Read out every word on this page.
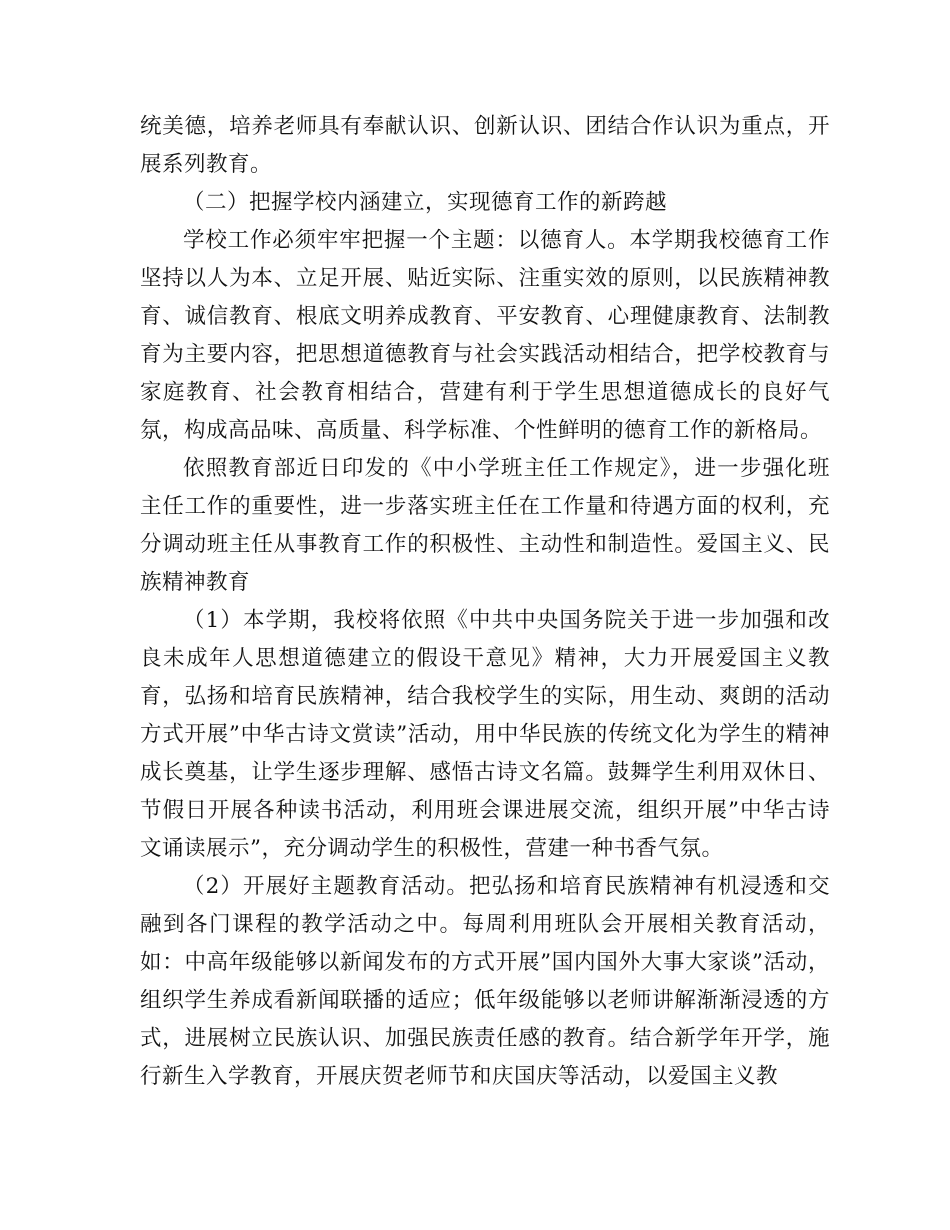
统美德，培养老师具有奉献认识、创新认识、团结合作认识为重点，开展系列教育。

（二）把握学校内涵建立，实现德育工作的新跨越

学校工作必须牢牢把握一个主题：以德育人。本学期我校德育工作坚持以人为本、立足开展、贴近实际、注重实效的原则，以民族精神教育、诚信教育、根底文明养成教育、平安教育、心理健康教育、法制教育为主要内容，把思想道德教育与社会实践活动相结合，把学校教育与家庭教育、社会教育相结合，营建有利于学生思想道德成长的良好气氛，构成高品味、高质量、科学标准、个性鲜明的德育工作的新格局。

依照教育部近日印发的《中小学班主任工作规定》，进一步强化班主任工作的重要性，进一步落实班主任在工作量和待遇方面的权利，充分调动班主任从事教育工作的积极性、主动性和制造性。爱国主义、民族精神教育

（1）本学期，我校将依照《中共中央国务院关于进一步加强和改良未成年人思想道德建立的假设干意见》精神，大力开展爱国主义教育，弘扬和培育民族精神，结合我校学生的实际，用生动、爽朗的活动方式开展”中华古诗文赏读”活动，用中华民族的传统文化为学生的精神成长奠基，让学生逐步理解、感悟古诗文名篇。鼓舞学生利用双休日、节假日开展各种读书活动，利用班会课进展交流，组织开展”中华古诗文诵读展示”，充分调动学生的积极性，营建一种书香气氛。

（2）开展好主题教育活动。把弘扬和培育民族精神有机浸透和交融到各门课程的教学活动之中。每周利用班队会开展相关教育活动，如：中高年级能够以新闻发布的方式开展”国内国外大事大家谈”活动，组织学生养成看新闻联播的适应；低年级能够以老师讲解渐渐浸透的方式，进展树立民族认识、加强民族责任感的教育。结合新学年开学，施行新生入学教育，开展庆贺老师节和庆国庆等活动，以爱国主义教
